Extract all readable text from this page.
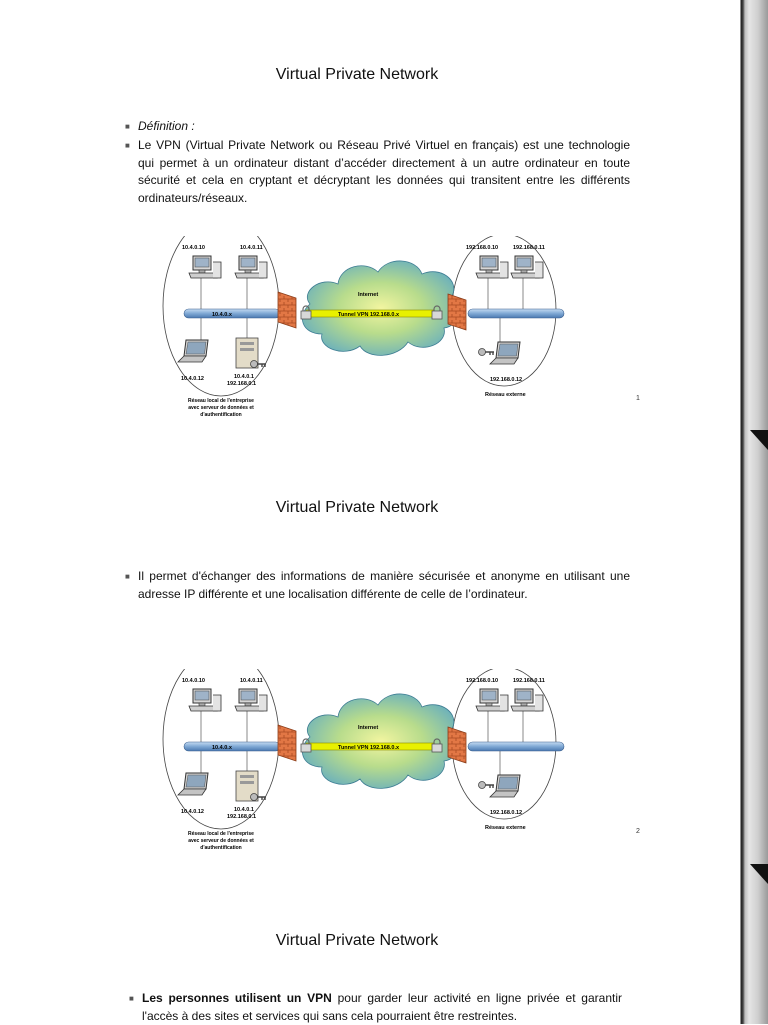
Virtual Private Network
■ Définition :
■ Le VPN (Virtual Private Network ou Réseau Privé Virtuel en français) est une technologie qui permet à un ordinateur distant d’accéder directement à un autre ordinateur en toute sécurité et cela en cryptant et décryptant les données qui transitent entre les différents ordinateurs/réseaux.
10.4.0.10	10.4.0.11
10.4.0.12
10.4.0.x
10.4.0.1
192.168.0.1
Réseau local de l'entreprise
avec serveur de données et
d'authentification
Internet
Tunnel VPN 192.168.0.x
192.168.0.10	192.168.0.11
192.168.0.12
Réseau externe	1
Virtual Private Network
■ Il permet d'échanger des informations de manière sécurisée et anonyme en utilisant une adresse IP différente et une localisation différente de celle de l’ordinateur.
10.4.0.10	10.4.0.11
10.4.0.12
10.4.0.x
10.4.0.1
192.168.0.1
Réseau local de l'entreprise
avec serveur de données et
d'authentification
Internet
Tunnel VPN 192.168.0.x
192.168.0.10	192.168.0.11
192.168.0.12
Réseau externe	2
Virtual Private Network
■ Les personnes utilisent un VPN pour garder leur activité en ligne privée et garantir l'accès à des sites et services qui sans cela pourraient être restreintes.
